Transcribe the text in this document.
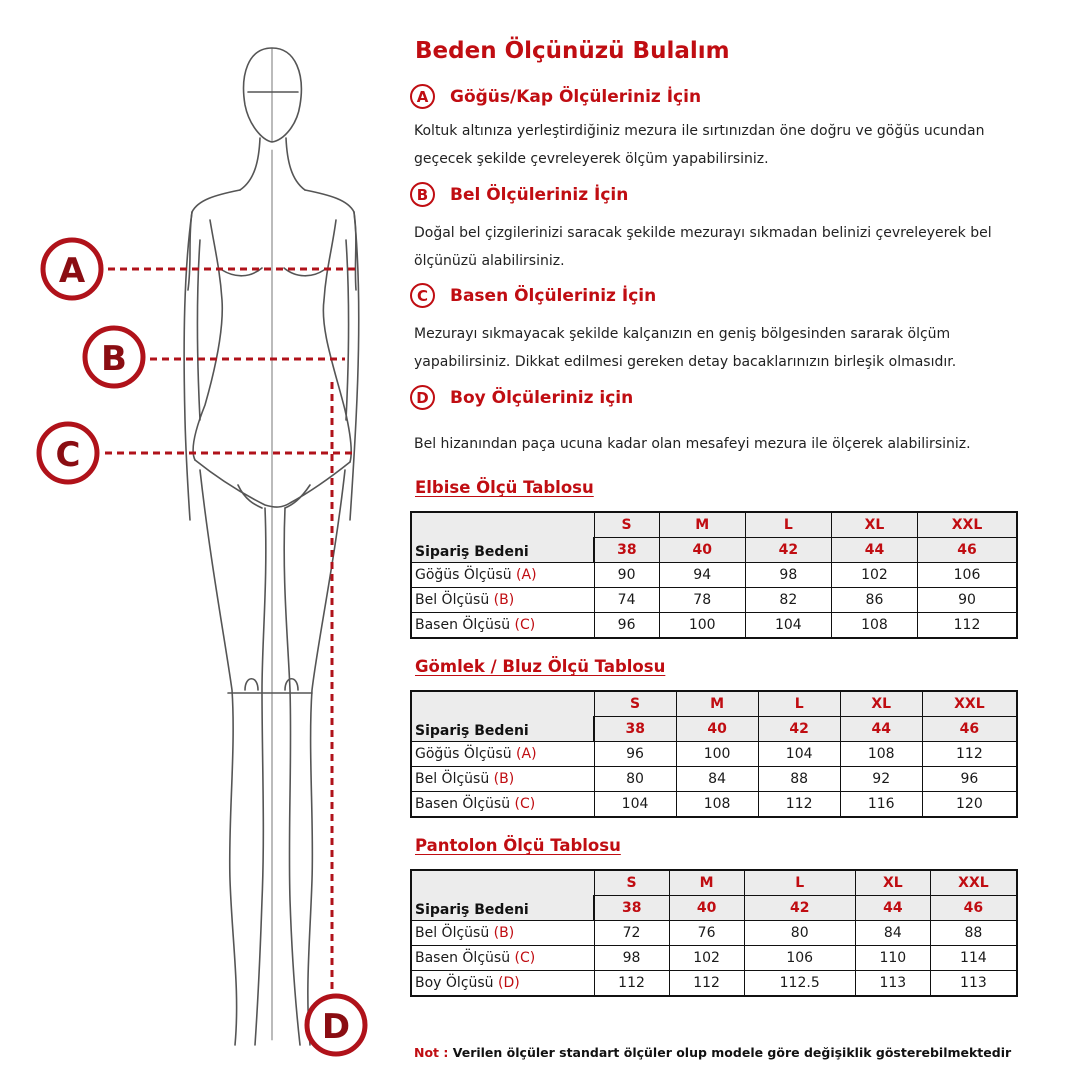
A
B
C
D
Beden Ölçünüzü Bulalım
A	Göğüs/Kap Ölçüleriniz İçin

Koltuk altınıza yerleştirdiğiniz mezura ile sırtınızdan öne doğru ve göğüs ucundan
geçecek şekilde çevreleyerek ölçüm yapabilirsiniz.

B	Bel Ölçüleriniz İçin

Doğal bel çizgilerinizi saracak şekilde mezurayı sıkmadan belinizi çevreleyerek bel
ölçünüzü alabilirsiniz.

C	Basen Ölçüleriniz İçin

Mezurayı sıkmayacak şekilde kalçanızın en geniş bölgesinden sararak ölçüm
yapabilirsiniz. Dikkat edilmesi gereken detay bacaklarınızın birleşik olmasıdır.

D	Boy Ölçüleriniz için

Bel hizanından paça ucuna kadar olan mesafeyi mezura ile ölçerek alabilirsiniz.

Elbise Ölçü Tablosu
Sipariş Bedeni	S	M	L	XL	XXL
	38	40	42	44	46
Göğüs Ölçüsü (A)	90	94	98	102	106
Bel Ölçüsü (B)	74	78	82	86	90
Basen Ölçüsü (C)	96	100	104	108	112
Gömlek / Bluz Ölçü Tablosu
Sipariş Bedeni	S	M	L	XL	XXL
	38	40	42	44	46
Göğüs Ölçüsü (A)	96	100	104	108	112
Bel Ölçüsü (B)	80	84	88	92	96
Basen Ölçüsü (C)	104	108	112	116	120
Pantolon Ölçü Tablosu
Sipariş Bedeni	S	M	L	XL	XXL
	38	40	42	44	46
Bel Ölçüsü (B)	72	76	80	84	88
Basen Ölçüsü (C)	98	102	106	110	114
Boy Ölçüsü (D)	112	112	112.5	113	113

Not : Verilen ölçüler standart ölçüler olup modele göre değişiklik gösterebilmektedir
